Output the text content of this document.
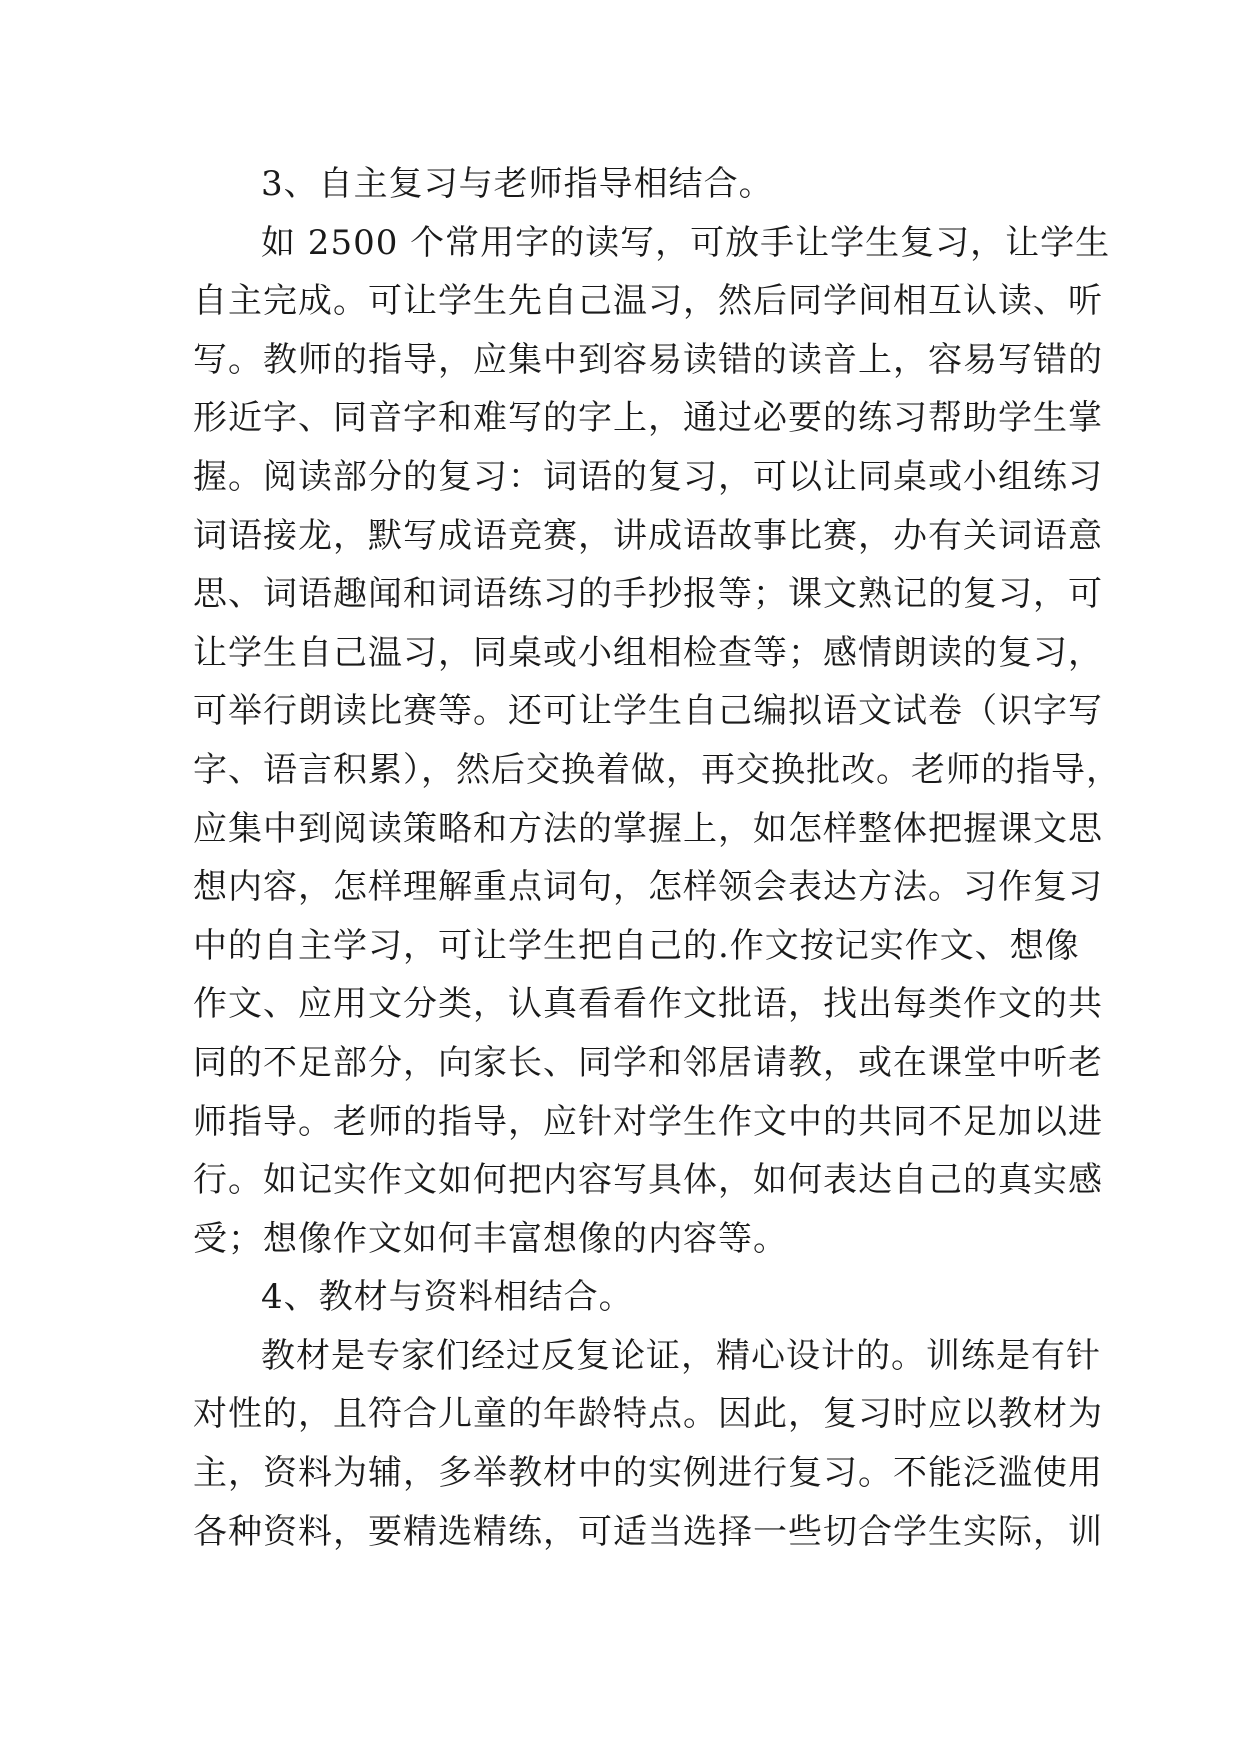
3、自主复习与老师指导相结合。
如 2500 个常用字的读写，可放手让学生复习，让学生
自主完成。可让学生先自己温习，然后同学间相互认读、听
写。教师的指导，应集中到容易读错的读音上，容易写错的
形近字、同音字和难写的字上，通过必要的练习帮助学生掌
握。阅读部分的复习：词语的复习，可以让同桌或小组练习
词语接龙，默写成语竞赛，讲成语故事比赛，办有关词语意
思、词语趣闻和词语练习的手抄报等；课文熟记的复习，可
让学生自己温习，同桌或小组相检查等；感情朗读的复习，
可举行朗读比赛等。还可让学生自己编拟语文试卷（识字写
字、语言积累），然后交换着做，再交换批改。老师的指导，
应集中到阅读策略和方法的掌握上，如怎样整体把握课文思
想内容，怎样理解重点词句，怎样领会表达方法。习作复习
中的自主学习，可让学生把自己的.作文按记实作文、想像
作文、应用文分类，认真看看作文批语，找出每类作文的共
同的不足部分，向家长、同学和邻居请教，或在课堂中听老
师指导。老师的指导，应针对学生作文中的共同不足加以进
行。如记实作文如何把内容写具体，如何表达自己的真实感
受；想像作文如何丰富想像的内容等。
4、教材与资料相结合。
教材是专家们经过反复论证，精心设计的。训练是有针
对性的，且符合儿童的年龄特点。因此，复习时应以教材为
主，资料为辅，多举教材中的实例进行复习。不能泛滥使用
各种资料，要精选精练，可适当选择一些切合学生实际，训
